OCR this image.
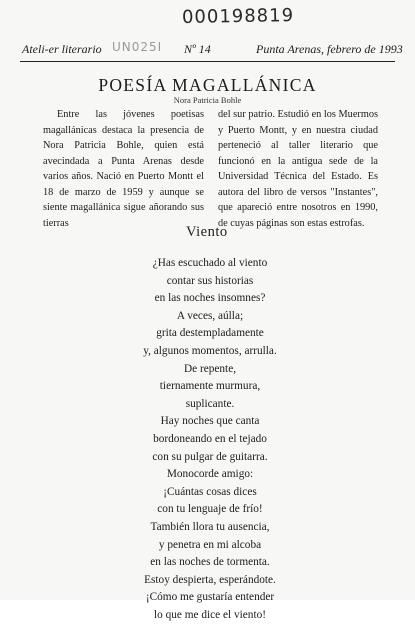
000198819
UN025I
Ateli-er literario	Nº 14	Punta Arenas, febrero de 1993
POESÍA MAGALLÁNICA
Nora Patricia Bohle
Entre las jóvenes poetisas magallánicas destaca la presencia de Nora Patricia Bohle, quien está avecindada a Punta Arenas desde varios años. Nació en Puerto Montt el 18 de marzo de 1959 y aunque se siente magallánica sigue añorando sus tierras
del sur patrio. Estudió en los Muermos y Puerto Montt, y en nuestra ciudad perteneció al taller literario que funcionó en la antigua sede de la Universidad Técnica del Estado. Es autora del libro de versos "Instantes", que apareció entre nosotros en 1990, de cuyas páginas son estas estrofas.
Viento
¿Has escuchado al viento
contar sus historias
en las noches insomnes?
A veces, aúlla;
grita destempladamente
y, algunos momentos, arrulla.
De repente,
tiernamente murmura,
suplicante.
Hay noches que canta
bordoneando en el tejado
con su pulgar de guitarra.
Monocorde amigo:
¡Cuántas cosas dices
con tu lenguaje de frío!
También llora tu ausencia,
y penetra en mi alcoba
en las noches de tormenta.
Estoy despierta, esperándote.
¡Cómo me gustaría entender
lo que me dice el viento!
